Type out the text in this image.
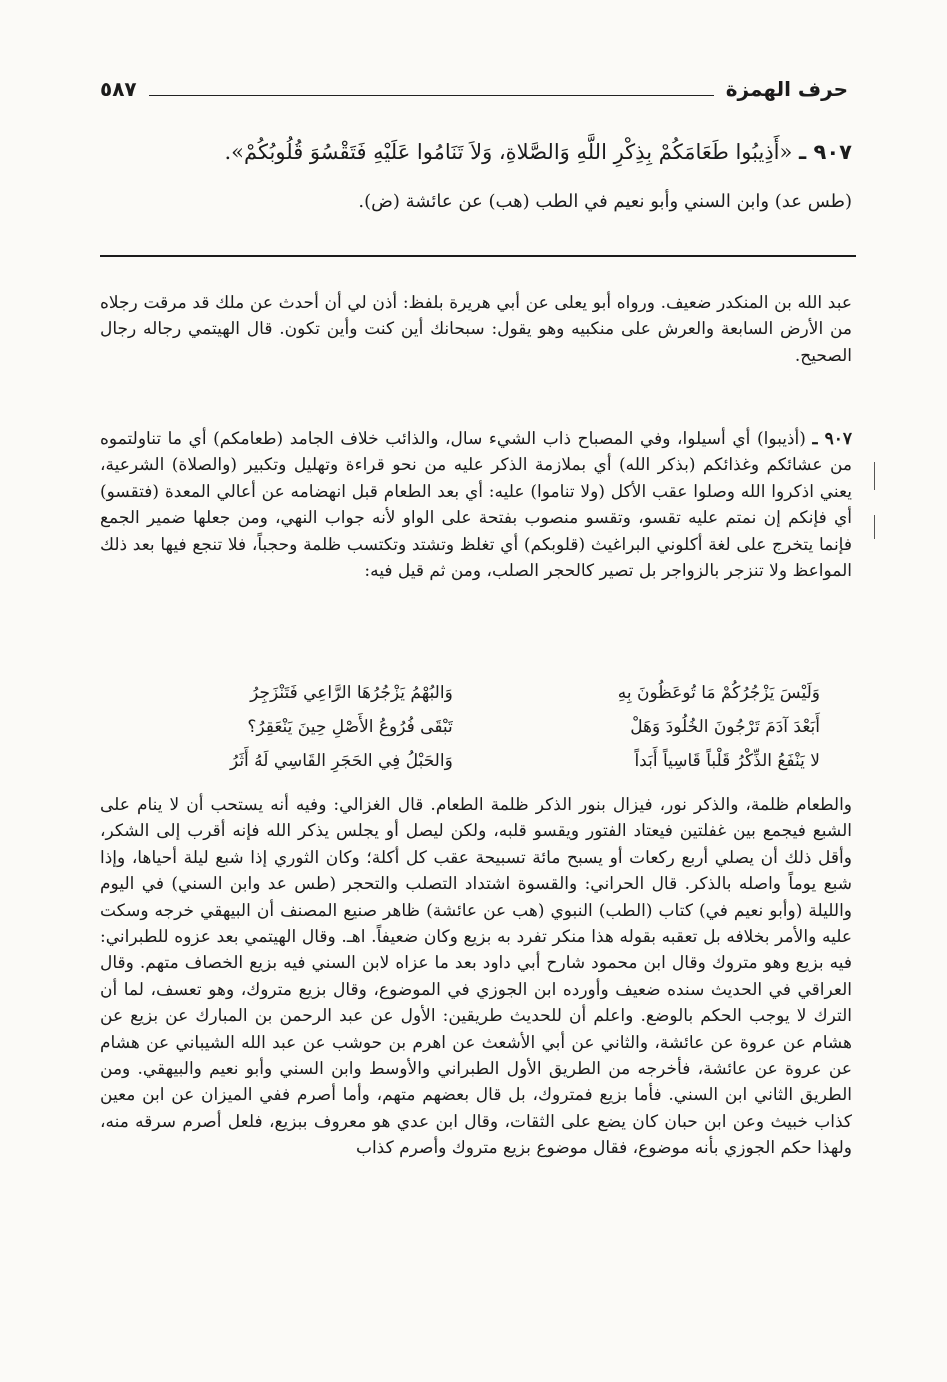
حرف الهمزة
٥٨٧
٩٠٧ ـ «أَذِيبُوا طَعَامَكُمْ بِذِكْرِ اللَّهِ وَالصَّلاةِ، وَلاَ تَنَامُوا عَلَيْهِ فَتَقْسُوَ قُلُوبُكُمْ».
(طس عد) وابن السني وأبو نعيم في الطب (هب) عن عائشة (ض).

عبد الله بن المنكدر ضعيف. ورواه أبو يعلى عن أبي هريرة بلفظ: أذن لي أن أحدث عن ملك قد مرقت رجلاه من الأرض السابعة والعرش على منكبيه وهو يقول: سبحانك أين كنت وأين تكون. قال الهيتمي رجاله رجال الصحيح.

٩٠٧ ـ (أذيبوا) أي أسيلوا، وفي المصباح ذاب الشيء سال، والذائب خلاف الجامد (طعامكم) أي ما تناولتموه من عشائكم وغذائكم (بذكر الله) أي بملازمة الذكر عليه من نحو قراءة وتهليل وتكبير (والصلاة) الشرعية، يعني اذكروا الله وصلوا عقب الأكل (ولا تناموا) عليه: أي بعد الطعام قبل انهضامه عن أعالي المعدة (فتقسو) أي فإنكم إن نمتم عليه تقسو، وتقسو منصوب بفتحة على الواو لأنه جواب النهي، ومن جعلها ضمير الجمع فإنما يتخرج على لغة أكلوني البراغيث (قلوبكم) أي تغلظ وتشتد وتكتسب ظلمة وحجباً، فلا تنجع فيها بعد ذلك المواعظ ولا تنزجر بالزواجر بل تصير كالحجر الصلب، ومن ثم قيل فيه:

وَلَيْسَ يَزْجُرُكُمْ مَا تُوعَظُونَ بِهِ
وَالبُهْمُ يَزْجُرُهَا الرَّاعِي فَتَنْزَجِرُ
أَبَعْدَ آدَمَ تَرْجُونَ الخُلُودَ وَهَلْ
تَبْقَى فُرُوعُ الأَصْلِ حِينَ يَنْعَقِرُ؟
لا يَنْفَعُ الذِّكْرُ قَلْباً قَاسِياً أَبَداً
وَالحَبْلُ فِي الحَجَرِ القَاسِي لَهُ أَثَرُ

والطعام ظلمة، والذكر نور، فيزال بنور الذكر ظلمة الطعام. قال الغزالي: وفيه أنه يستحب أن لا ينام على الشبع فيجمع بين غفلتين فيعتاد الفتور ويقسو قلبه، ولكن ليصل أو يجلس يذكر الله فإنه أقرب إلى الشكر، وأقل ذلك أن يصلي أربع ركعات أو يسبح مائة تسبيحة عقب كل أكلة؛ وكان الثوري إذا شبع ليلة أحياها، وإذا شبع يوماً واصله بالذكر. قال الحراني: والقسوة اشتداد التصلب والتحجر (طس عد وابن السني) في اليوم والليلة (وأبو نعيم في) كتاب (الطب) النبوي (هب عن عائشة) ظاهر صنيع المصنف أن البيهقي خرجه وسكت عليه والأمر بخلافه بل تعقبه بقوله هذا منكر تفرد به بزيع وكان ضعيفاً. اهـ. وقال الهيتمي بعد عزوه للطبراني: فيه بزيع وهو متروك وقال ابن محمود شارح أبي داود بعد ما عزاه لابن السني فيه بزيع الخصاف متهم. وقال العراقي في الحديث سنده ضعيف وأورده ابن الجوزي في الموضوع، وقال بزيع متروك، وهو تعسف، لما أن الترك لا يوجب الحكم بالوضع. واعلم أن للحديث طريقين: الأول عن عبد الرحمن بن المبارك عن بزيع عن هشام عن عروة عن عائشة، والثاني عن أبي الأشعث عن اهرم بن حوشب عن عبد الله الشيباني عن هشام عن عروة عن عائشة، فأخرجه من الطريق الأول الطبراني والأوسط وابن السني وأبو نعيم والبيهقي. ومن الطريق الثاني ابن السني. فأما بزيع فمتروك، بل قال بعضهم متهم، وأما أصرم ففي الميزان عن ابن معين كذاب خبيث وعن ابن حبان كان يضع على الثقات، وقال ابن عدي هو معروف ببزيع، فلعل أصرم سرقه منه، ولهذا حكم الجوزي بأنه موضوع، فقال موضوع بزيع متروك وأصرم كذاب
